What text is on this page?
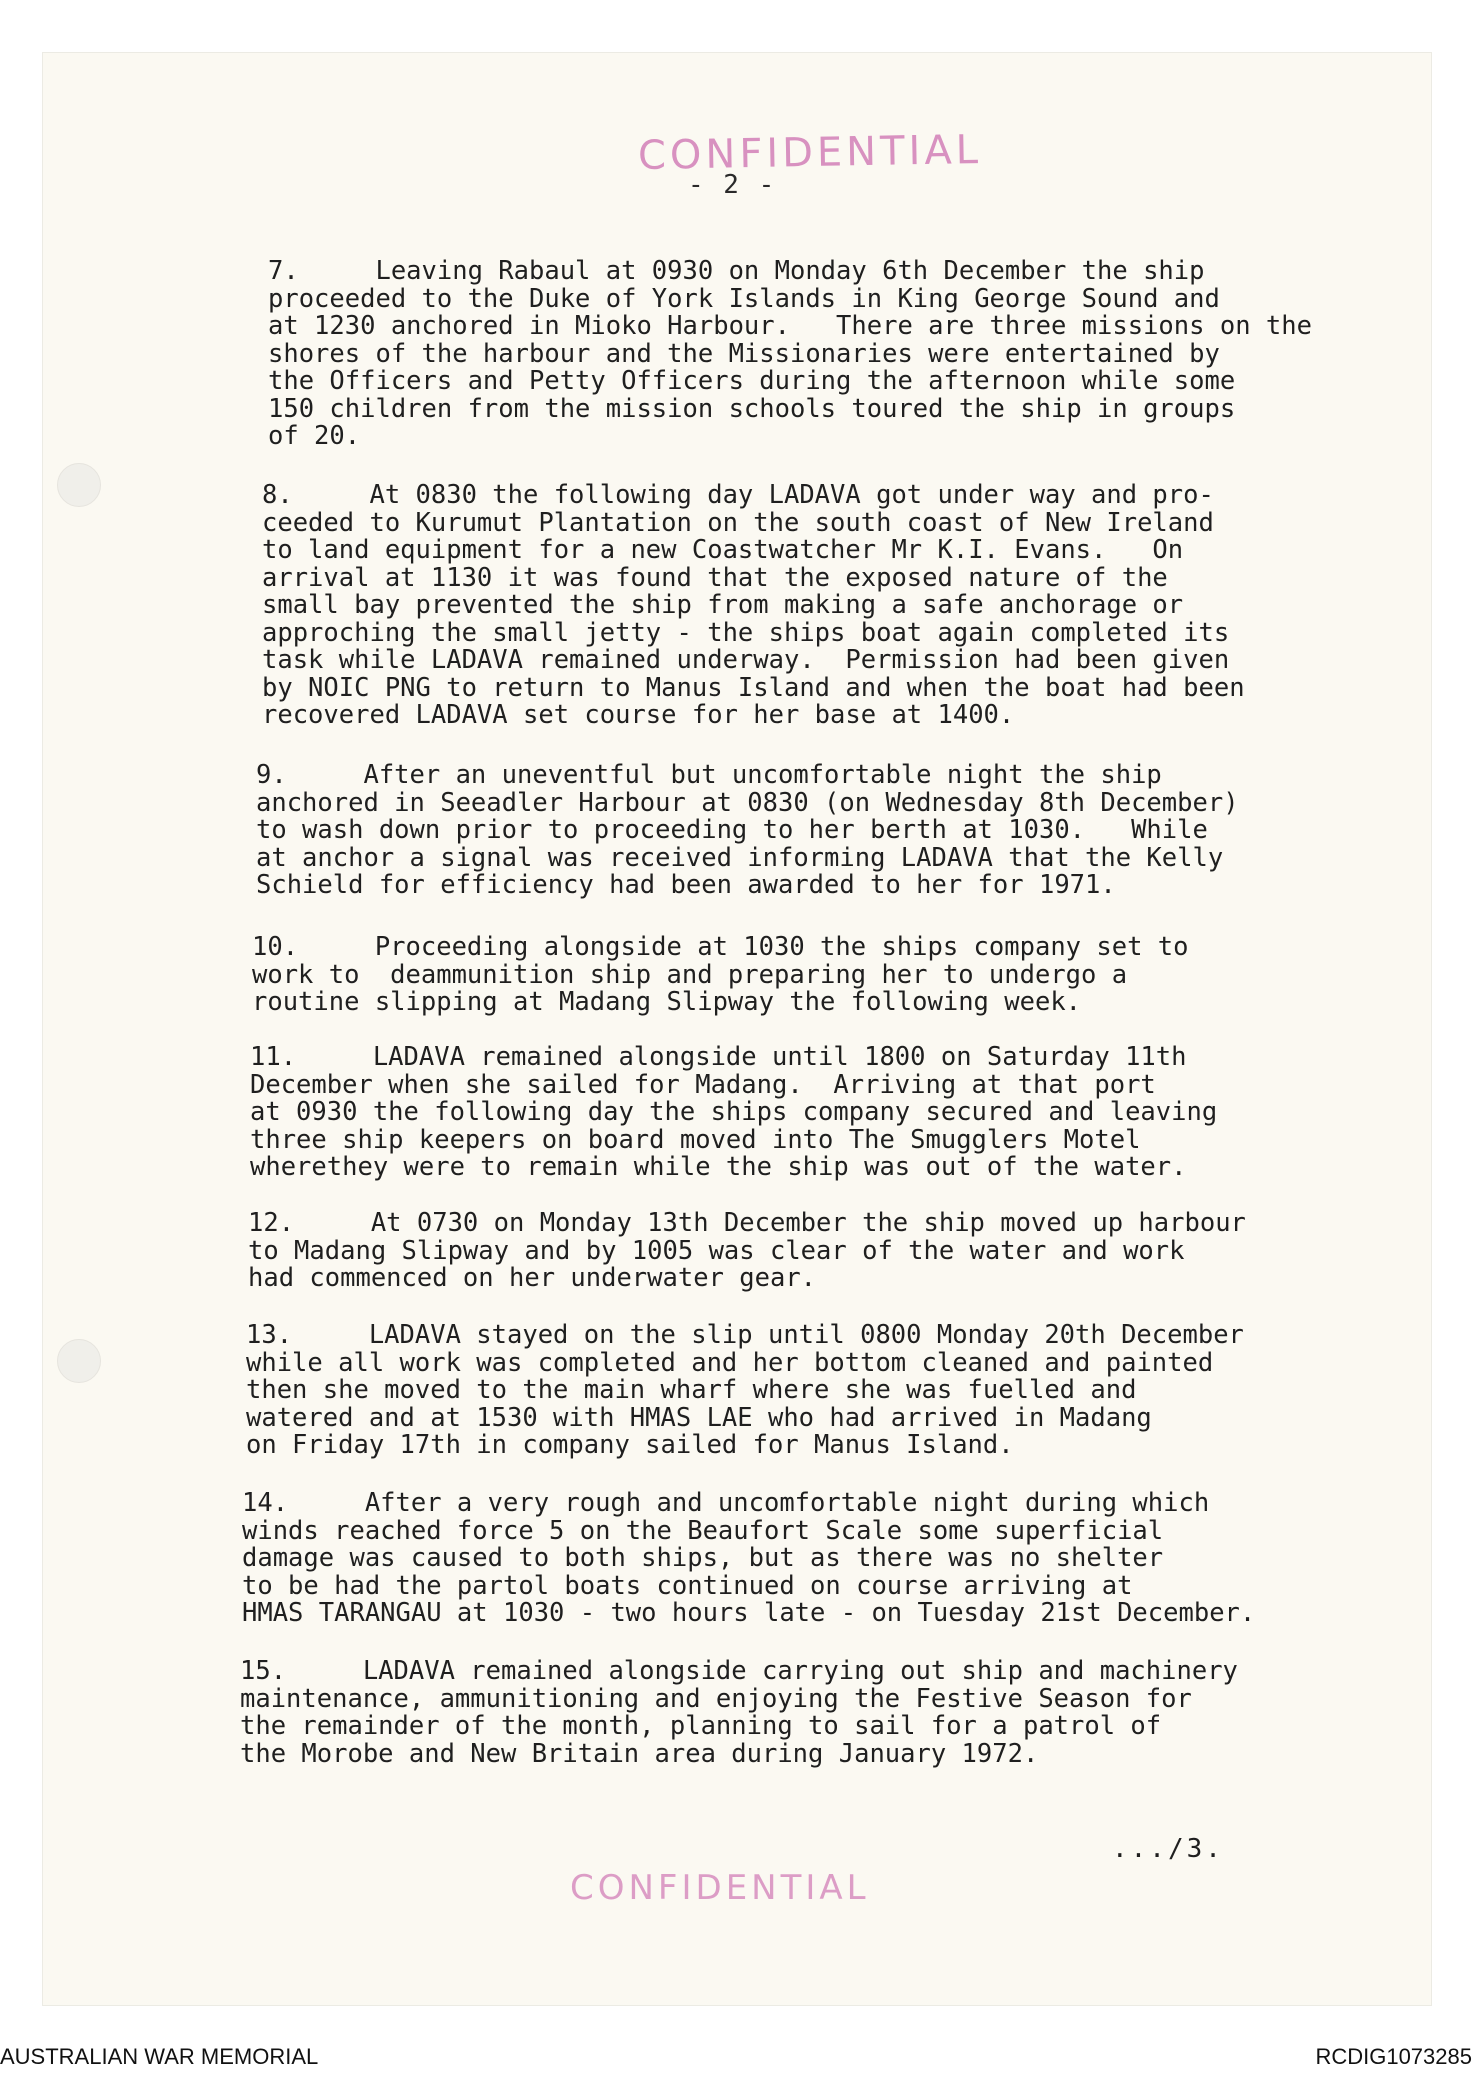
CONFIDENTIAL
- 2 -

7.     Leaving Rabaul at 0930 on Monday 6th December the ship
proceeded to the Duke of York Islands in King George Sound and
at 1230 anchored in Mioko Harbour.   There are three missions on the
shores of the harbour and the Missionaries were entertained by
the Officers and Petty Officers during the afternoon while some
150 children from the mission schools toured the ship in groups
of 20.

8.     At 0830 the following day LADAVA got under way and pro-
ceeded to Kurumut Plantation on the south coast of New Ireland
to land equipment for a new Coastwatcher Mr K.I. Evans.   On
arrival at 1130 it was found that the exposed nature of the
small bay prevented the ship from making a safe anchorage or
approching the small jetty - the ships boat again completed its
task while LADAVA remained underway.  Permission had been given
by NOIC PNG to return to Manus Island and when the boat had been
recovered LADAVA set course for her base at 1400.

9.     After an uneventful but uncomfortable night the ship
anchored in Seeadler Harbour at 0830 (on Wednesday 8th December)
to wash down prior to proceeding to her berth at 1030.   While
at anchor a signal was received informing LADAVA that the Kelly
Schield for efficiency had been awarded to her for 1971.

10.     Proceeding alongside at 1030 the ships company set to
work to  deammunition ship and preparing her to undergo a
routine slipping at Madang Slipway the following week.

11.     LADAVA remained alongside until 1800 on Saturday 11th
December when she sailed for Madang.  Arriving at that port
at 0930 the following day the ships company secured and leaving
three ship keepers on board moved into The Smugglers Motel
wherethey were to remain while the ship was out of the water.

12.     At 0730 on Monday 13th December the ship moved up harbour
to Madang Slipway and by 1005 was clear of the water and work
had commenced on her underwater gear.

13.     LADAVA stayed on the slip until 0800 Monday 20th December
while all work was completed and her bottom cleaned and painted
then she moved to the main wharf where she was fuelled and
watered and at 1530 with HMAS LAE who had arrived in Madang
on Friday 17th in company sailed for Manus Island.

14.     After a very rough and uncomfortable night during which
winds reached force 5 on the Beaufort Scale some superficial
damage was caused to both ships, but as there was no shelter
to be had the partol boats continued on course arriving at
HMAS TARANGAU at 1030 - two hours late - on Tuesday 21st December.

15.     LADAVA remained alongside carrying out ship and machinery
maintenance, ammunitioning and enjoying the Festive Season for
the remainder of the month, planning to sail for a patrol of
the Morobe and New Britain area during January 1972.

.../3.
CONFIDENTIAL
AUSTRALIAN WAR MEMORIAL	RCDIG1073285
